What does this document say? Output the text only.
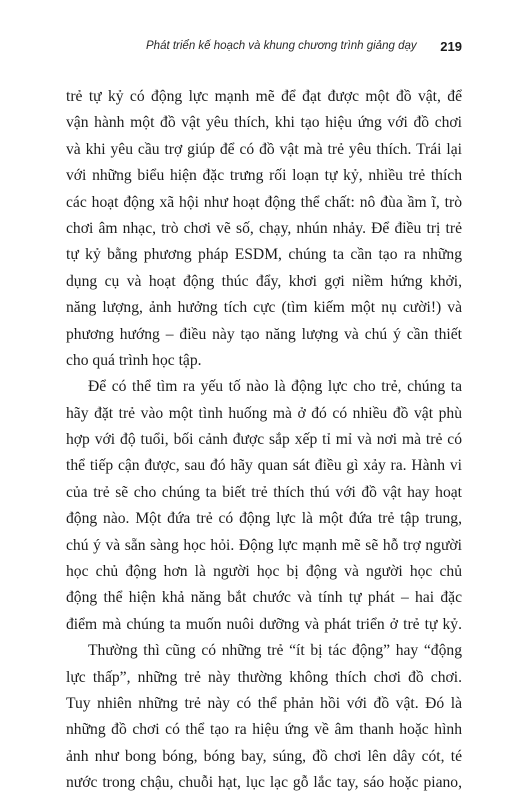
Phát triển kế hoạch và khung chương trình giảng dạy 219
trẻ tự kỷ có động lực mạnh mẽ để đạt được một đồ vật, để
vận hành một đồ vật yêu thích, khi tạo hiệu ứng với đồ chơi
và khi yêu cầu trợ giúp để có đồ vật mà trẻ yêu thích. Trái lại
với những biểu hiện đặc trưng rối loạn tự kỷ, nhiều trẻ thích
các hoạt động xã hội như hoạt động thể chất: nô đùa ầm ĩ, trò
chơi âm nhạc, trò chơi vẽ số, chạy, nhún nhảy. Để điều trị trẻ
tự kỷ bằng phương pháp ESDM, chúng ta cần tạo ra những
dụng cụ và hoạt động thúc đẩy, khơi gợi niềm hứng khởi,
năng lượng, ảnh hưởng tích cực (tìm kiếm một nụ cười!) và
phương hướng – điều này tạo năng lượng và chú ý cần thiết
cho quá trình học tập.
Để có thể tìm ra yếu tố nào là động lực cho trẻ, chúng ta
hãy đặt trẻ vào một tình huống mà ở đó có nhiều đồ vật phù
hợp với độ tuổi, bối cảnh được sắp xếp tỉ mỉ và nơi mà trẻ có
thể tiếp cận được, sau đó hãy quan sát điều gì xảy ra. Hành vi
của trẻ sẽ cho chúng ta biết trẻ thích thú với đồ vật hay hoạt
động nào. Một đứa trẻ có động lực là một đứa trẻ tập trung,
chú ý và sẵn sàng học hỏi. Động lực mạnh mẽ sẽ hỗ trợ người
học chủ động hơn là người học bị động và người học chủ
động thể hiện khả năng bắt chước và tính tự phát – hai đặc
điểm mà chúng ta muốn nuôi dưỡng và phát triển ở trẻ tự kỷ.
Thường thì cũng có những trẻ “ít bị tác động” hay “động
lực thấp”, những trẻ này thường không thích chơi đồ chơi.
Tuy nhiên những trẻ này có thể phản hồi với đồ vật. Đó là
những đồ chơi có thể tạo ra hiệu ứng về âm thanh hoặc hình
ảnh như bong bóng, bóng bay, súng, đồ chơi lên dây cót, té
nước trong chậu, chuỗi hạt, lục lạc gỗ lắc tay, sáo hoặc piano,
